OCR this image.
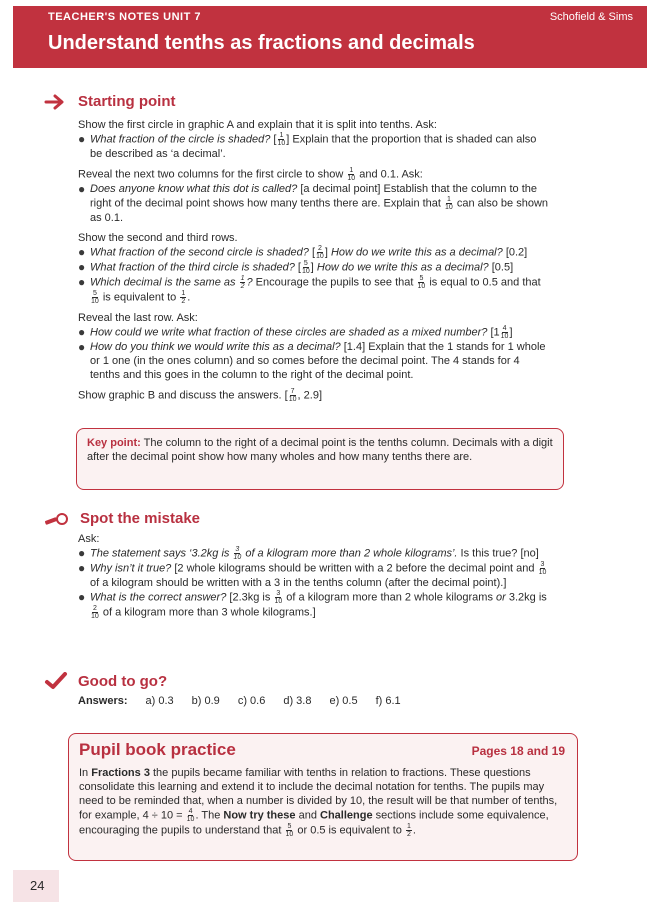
TEACHER'S NOTES UNIT 7	Schofield & Sims
Understand tenths as fractions and decimals
Starting point

Show the first circle in graphic A and explain that it is split into tenths. Ask:

● What fraction of the circle is shaded? [ $\frac{1}{10}$ ] Explain that the proportion that is shaded can also be described as ‘a decimal’.

Reveal the next two columns for the first circle to show $\frac{1}{10}$ and 0.1. Ask:

● Does anyone know what this dot is called? [a decimal point] Establish that the column to the right of the decimal point shows how many tenths there are. Explain that $\frac{1}{10}$ can also be shown as 0.1.

Show the second and third rows.

● What fraction of the second circle is shaded? [ $\frac{2}{10}$ ] How do we write this as a decimal? [0.2]
● What fraction of the third circle is shaded? [ $\frac{5}{10}$ ] How do we write this as a decimal? [0.5]
● Which decimal is the same as $\frac{1}{2}$ ? Encourage the pupils to see that $\frac{5}{10}$ is equal to 0.5 and that
$\frac{5}{10}$ is equivalent to $\frac{1}{2}$ .

Reveal the last row. Ask:

● How could we write what fraction of these circles are shaded as a mixed number? [$1 \frac{4}{10}$ ]
● How do you think we would write this as a decimal? [1.4] Explain that the 1 stands for 1 whole or 1 one (in the ones column) and so comes before the decimal point. The 4 stands for 4 tenths and this goes in the column to the right of the decimal point.

Show graphic B and discuss the answers. [ $\frac{7}{10}$ , 2.9]

Key point: The column to the right of a decimal point is the tenths column. Decimals with a digit after the decimal point show how many wholes and how many tenths there are.
Spot the mistake

Ask:

● The statement says ‘3.2kg is $\frac{3}{10}$ of a kilogram more than 2 whole kilograms’. Is this true? [no]
● Why isn’t it true? [2 whole kilograms should be written with a 2 before the decimal point and $\frac{3}{10}$
of a kilogram should be written with a 3 in the tenths column (after the decimal point).]
● What is the correct answer? [2.3kg is $\frac{3}{10}$ of a kilogram more than 2 whole kilograms or 3.2kg is
$\frac{2}{10}$ of a kilogram more than 3 whole kilograms.]
Good to go?
Answers: a) 0.3 b) 0.9 c) 0.6 d) 3.8 e) 0.5 f) 6.1
Pupil book practice	Pages 18 and 19
In Fractions 3 the pupils became familiar with tenths in relation to fractions. These questions consolidate this learning and extend it to include the decimal notation for tenths. The pupils may need to be reminded that, when a number is divided by 10, the result will be that number of tenths, for example, $4 \div 10 = \frac{4}{10}$ . The Now try these and Challenge sections include some equivalence, encouraging the pupils to understand that $\frac{5}{10}$ or 0.5 is equivalent to $\frac{1}{2}$ .
24
